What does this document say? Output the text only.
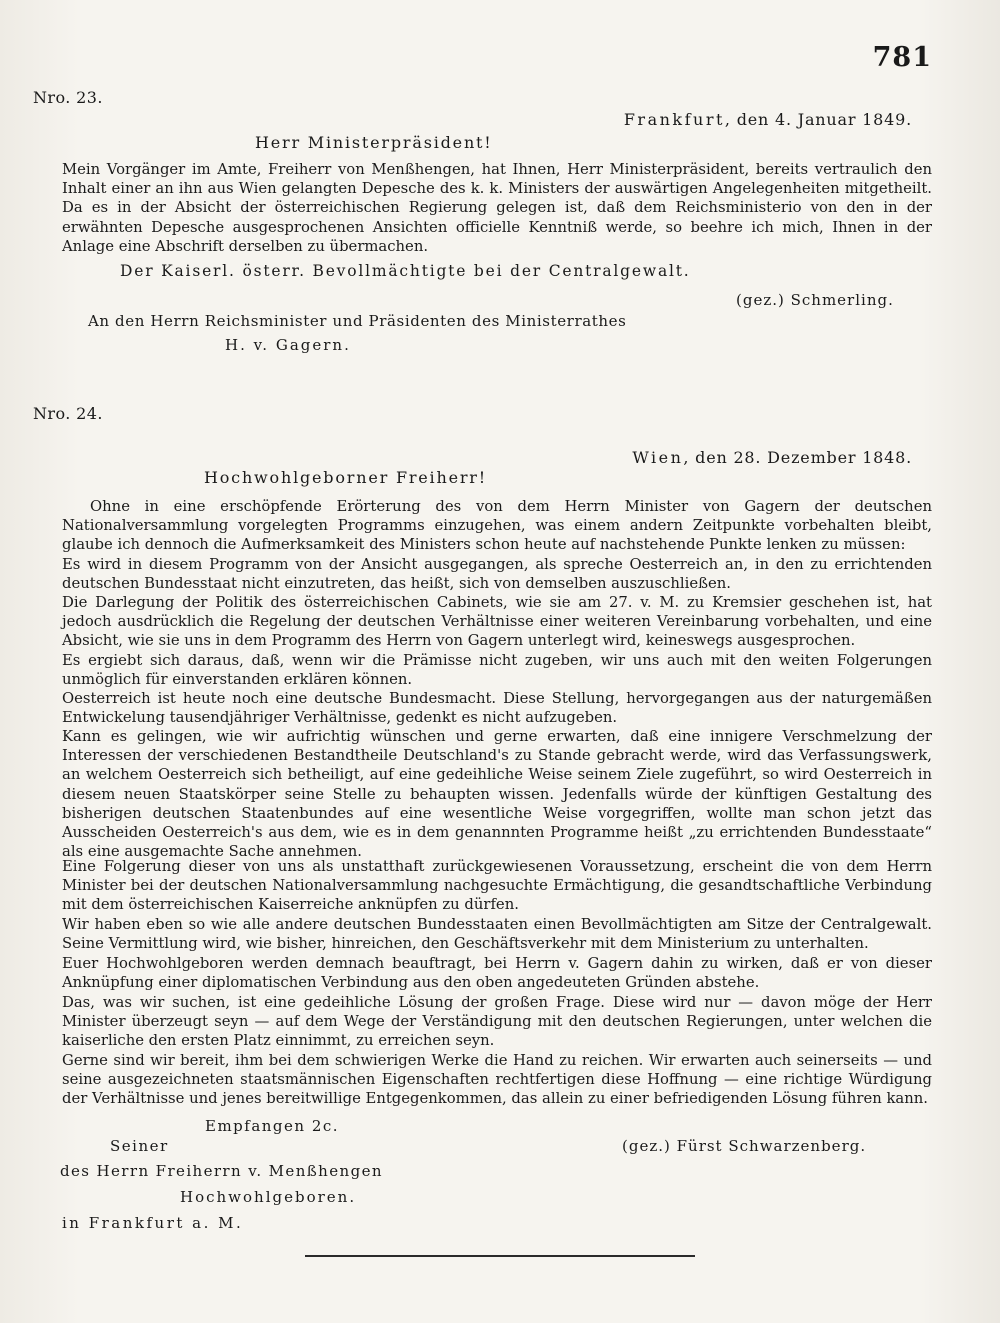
781
Nro. 23.
Frankfurt, den 4. Januar 1849.
Herr Ministerpräsident!
Mein Vorgänger im Amte, Freiherr von Menßhengen, hat Ihnen, Herr Ministerpräsident, bereits vertraulich den Inhalt einer an ihn aus Wien gelangten Depesche des k. k. Ministers der auswärtigen Angelegenheiten mitgetheilt. Da es in der Absicht der österreichischen Regierung gelegen ist, daß dem Reichsministerio von den in der erwähnten Depesche ausgesprochenen Ansichten officielle Kenntniß werde, so beehre ich mich, Ihnen in der Anlage eine Abschrift derselben zu übermachen.
Der Kaiserl. österr. Bevollmächtigte bei der Centralgewalt.
(gez.) Schmerling.
An den Herrn Reichsminister und Präsidenten des Ministerrathes
H. v. Gagern.
Nro. 24.
Wien, den 28. Dezember 1848.
Hochwohlgeborner Freiherr!
Ohne in eine erschöpfende Erörterung des von dem Herrn Minister von Gagern der deutschen Nationalversammlung vorgelegten Programms einzugehen, was einem andern Zeitpunkte vorbehalten bleibt, glaube ich dennoch die Aufmerksamkeit des Ministers schon heute auf nachstehende Punkte lenken zu müssen:
Es wird in diesem Programm von der Ansicht ausgegangen, als spreche Oesterreich an, in den zu errichtenden deutschen Bundesstaat nicht einzutreten, das heißt, sich von demselben auszuschließen.
Die Darlegung der Politik des österreichischen Cabinets, wie sie am 27. v. M. zu Kremsier geschehen ist, hat jedoch ausdrücklich die Regelung der deutschen Verhältnisse einer weiteren Vereinbarung vorbehalten, und eine Absicht, wie sie uns in dem Programm des Herrn von Gagern unterlegt wird, keineswegs ausgesprochen.
Es ergiebt sich daraus, daß, wenn wir die Prämisse nicht zugeben, wir uns auch mit den weiten Folgerungen unmöglich für einverstanden erklären können.
Oesterreich ist heute noch eine deutsche Bundesmacht. Diese Stellung, hervorgegangen aus der naturgemäßen Entwickelung tausendjähriger Verhältnisse, gedenkt es nicht aufzugeben.
Kann es gelingen, wie wir aufrichtig wünschen und gerne erwarten, daß eine innigere Verschmelzung der Interessen der verschiedenen Bestandtheile Deutschland's zu Stande gebracht werde, wird das Verfassungswerk, an welchem Oesterreich sich betheiligt, auf eine gedeihliche Weise seinem Ziele zugeführt, so wird Oesterreich in diesem neuen Staatskörper seine Stelle zu behaupten wissen. Jedenfalls würde der künftigen Gestaltung des bisherigen deutschen Staatenbundes auf eine wesentliche Weise vorgegriffen, wollte man schon jetzt das Ausscheiden Oesterreich's aus dem, wie es in dem genannnten Programme heißt „zu errichtenden Bundesstaate“ als eine ausgemachte Sache annehmen.
Eine Folgerung dieser von uns als unstatthaft zurückgewiesenen Voraussetzung, erscheint die von dem Herrn Minister bei der deutschen Nationalversammlung nachgesuchte Ermächtigung, die gesandtschaftliche Verbindung mit dem österreichischen Kaiserreiche anknüpfen zu dürfen.
Wir haben eben so wie alle andere deutschen Bundesstaaten einen Bevollmächtigten am Sitze der Centralgewalt. Seine Vermittlung wird, wie bisher, hinreichen, den Geschäftsverkehr mit dem Ministerium zu unterhalten.
Euer Hochwohlgeboren werden demnach beauftragt, bei Herrn v. Gagern dahin zu wirken, daß er von dieser Anknüpfung einer diplomatischen Verbindung aus den oben angedeuteten Gründen abstehe.
Das, was wir suchen, ist eine gedeihliche Lösung der großen Frage. Diese wird nur — davon möge der Herr Minister überzeugt seyn — auf dem Wege der Verständigung mit den deutschen Regierungen, unter welchen die kaiserliche den ersten Platz einnimmt, zu erreichen seyn.
Gerne sind wir bereit, ihm bei dem schwierigen Werke die Hand zu reichen. Wir erwarten auch seinerseits — und seine ausgezeichneten staatsmännischen Eigenschaften rechtfertigen diese Hoffnung — eine richtige Würdigung der Verhältnisse und jenes bereitwillige Entgegenkommen, das allein zu einer befriedigenden Lösung führen kann.
Empfangen 2c.
(gez.) Fürst Schwarzenberg.
Seiner
des Herrn Freiherrn v. Menßhengen
Hochwohlgeboren.
in Frankfurt a. M.
